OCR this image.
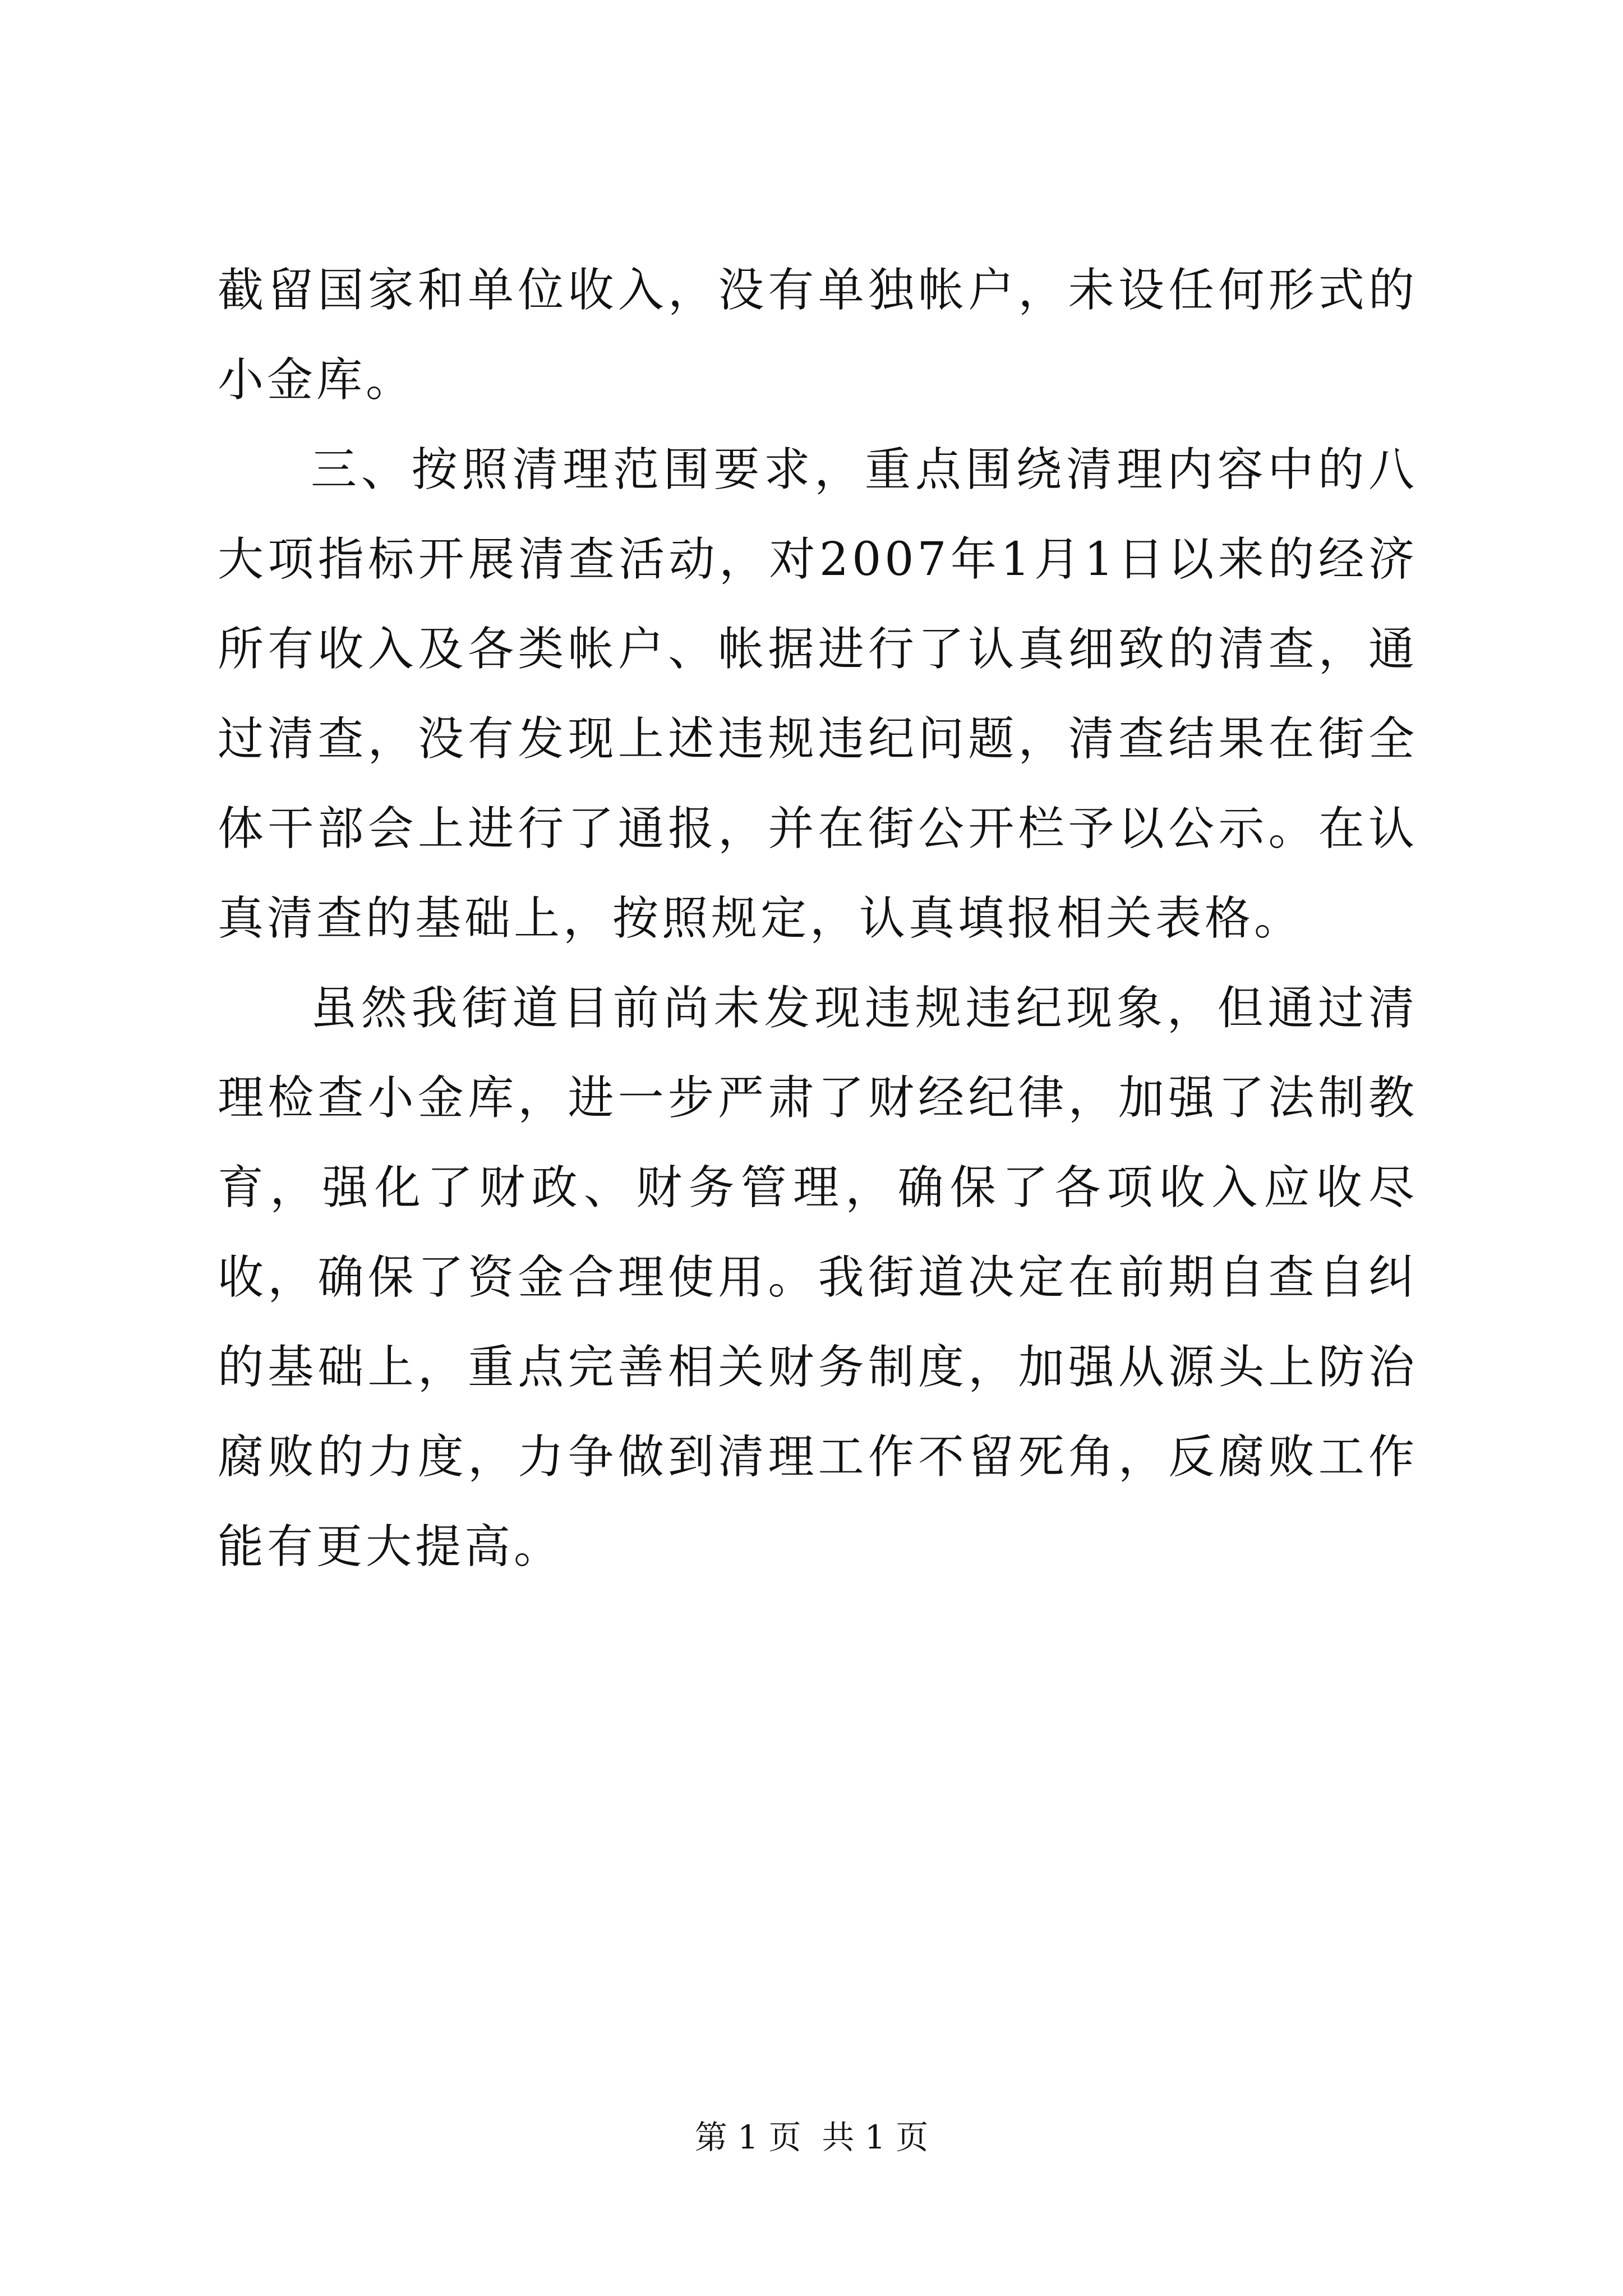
截留国家和单位收入，没有单独帐户，未设任何形式的小金库。

三、按照清理范围要求，重点围绕清理内容中的八大项指标开展清查活动，对2007年1月1日以来的经济所有收入及各类帐户、帐据进行了认真细致的清查，通过清查，没有发现上述违规违纪问题，清查结果在街全体干部会上进行了通报，并在街公开栏予以公示。在认真清查的基础上，按照规定，认真填报相关表格。

虽然我街道目前尚未发现违规违纪现象，但通过清理检查小金库，进一步严肃了财经纪律，加强了法制教育，强化了财政、财务管理，确保了各项收入应收尽收，确保了资金合理使用。我街道决定在前期自查自纠的基础上，重点完善相关财务制度，加强从源头上防治腐败的力度，力争做到清理工作不留死角，反腐败工作能有更大提高。

第 1 页  共 1 页
